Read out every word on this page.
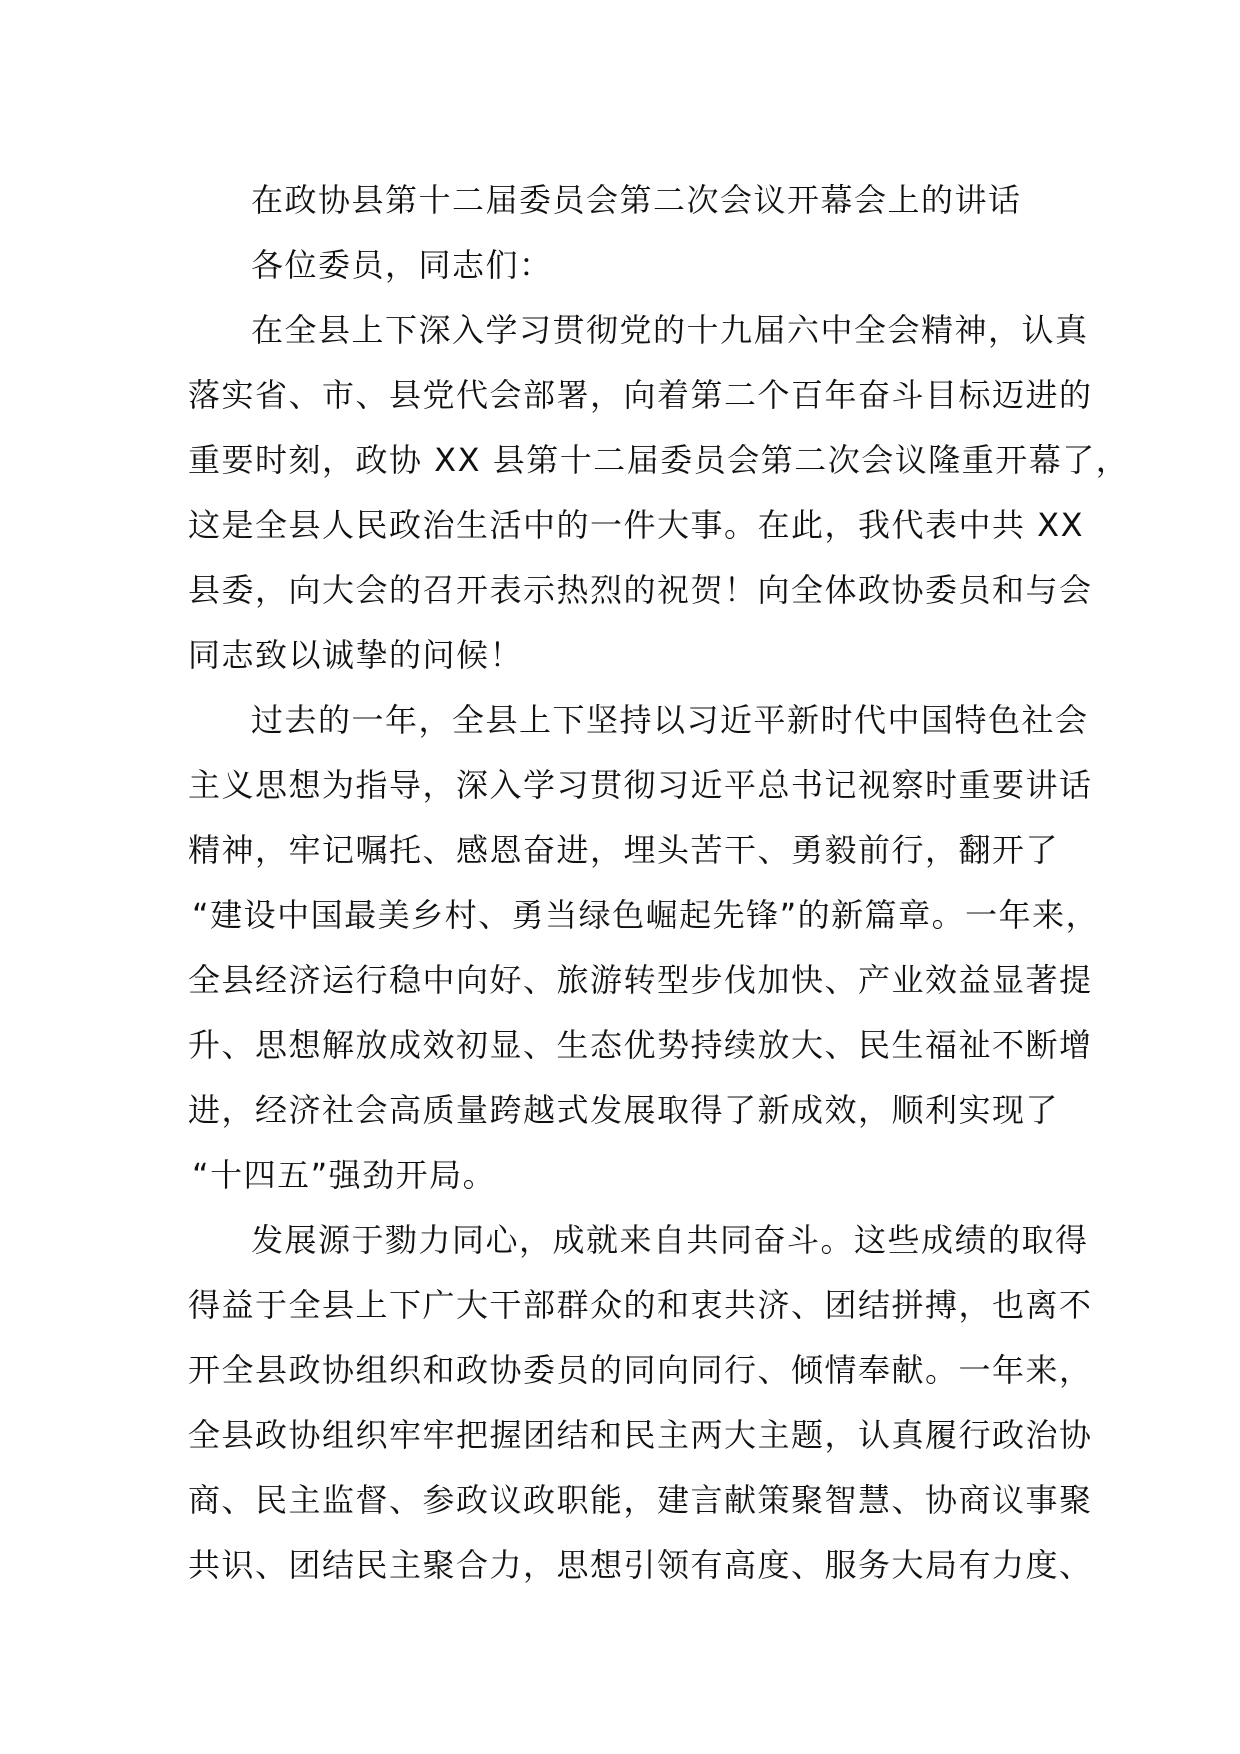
在政协县第十二届委员会第二次会议开幕会上的讲话
各位委员，同志们：
在全县上下深入学习贯彻党的十九届六中全会精神，认真
落实省、市、县党代会部署，向着第二个百年奋斗目标迈进的
重要时刻，政协 XX 县第十二届委员会第二次会议隆重开幕了，
这是全县人民政治生活中的一件大事。在此，我代表中共 XX
县委，向大会的召开表示热烈的祝贺！向全体政协委员和与会
同志致以诚挚的问候！
过去的一年，全县上下坚持以习近平新时代中国特色社会
主义思想为指导，深入学习贯彻习近平总书记视察时重要讲话
精神，牢记嘱托、感恩奋进，埋头苦干、勇毅前行，翻开了
“建设中国最美乡村、勇当绿色崛起先锋”的新篇章。一年来，
全县经济运行稳中向好、旅游转型步伐加快、产业效益显著提
升、思想解放成效初显、生态优势持续放大、民生福祉不断增
进，经济社会高质量跨越式发展取得了新成效，顺利实现了
“十四五”强劲开局。
发展源于勠力同心，成就来自共同奋斗。这些成绩的取得
得益于全县上下广大干部群众的和衷共济、团结拼搏，也离不
开全县政协组织和政协委员的同向同行、倾情奉献。一年来，
全县政协组织牢牢把握团结和民主两大主题，认真履行政治协
商、民主监督、参政议政职能，建言献策聚智慧、协商议事聚
共识、团结民主聚合力，思想引领有高度、服务大局有力度、
